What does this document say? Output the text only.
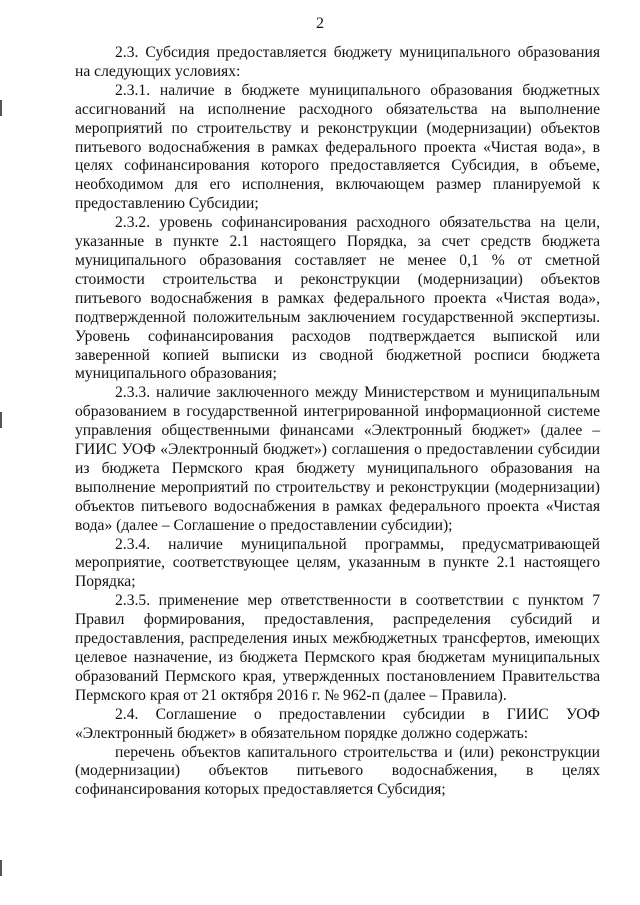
2

2.3. Субсидия предоставляется бюджету муниципального образования на следующих условиях:

2.3.1. наличие в бюджете муниципального образования бюджетных ассигнований на исполнение расходного обязательства на выполнение мероприятий по строительству и реконструкции (модернизации) объектов питьевого водоснабжения в рамках федерального проекта «Чистая вода», в целях софинансирования которого предоставляется Субсидия, в объеме, необходимом для его исполнения, включающем размер планируемой к предоставлению Субсидии;

2.3.2. уровень софинансирования расходного обязательства на цели, указанные в пункте 2.1 настоящего Порядка, за счет средств бюджета муниципального образования составляет не менее 0,1 % от сметной стоимости строительства и реконструкции (модернизации) объектов питьевого водоснабжения в рамках федерального проекта «Чистая вода», подтвержденной положительным заключением государственной экспертизы. Уровень софинансирования расходов подтверждается выпиской или заверенной копией выписки из сводной бюджетной росписи бюджета муниципального образования;

2.3.3. наличие заключенного между Министерством и муниципальным образованием в государственной интегрированной информационной системе управления общественными финансами «Электронный бюджет» (далее – ГИИС УОФ «Электронный бюджет») соглашения о предоставлении субсидии из бюджета Пермского края бюджету муниципального образования на выполнение мероприятий по строительству и реконструкции (модернизации) объектов питьевого водоснабжения в рамках федерального проекта «Чистая вода» (далее – Соглашение о предоставлении субсидии);

2.3.4. наличие муниципальной программы, предусматривающей мероприятие, соответствующее целям, указанным в пункте 2.1 настоящего Порядка;

2.3.5. применение мер ответственности в соответствии с пунктом 7 Правил формирования, предоставления, распределения субсидий и предоставления, распределения иных межбюджетных трансфертов, имеющих целевое назначение, из бюджета Пермского края бюджетам муниципальных образований Пермского края, утвержденных постановлением Правительства Пермского края от 21 октября 2016 г. № 962-п (далее – Правила).

2.4. Соглашение о предоставлении субсидии в ГИИС УОФ «Электронный бюджет» в обязательном порядке должно содержать:

перечень объектов капитального строительства и (или) реконструкции (модернизации) объектов питьевого водоснабжения, в целях софинансирования которых предоставляется Субсидия;
